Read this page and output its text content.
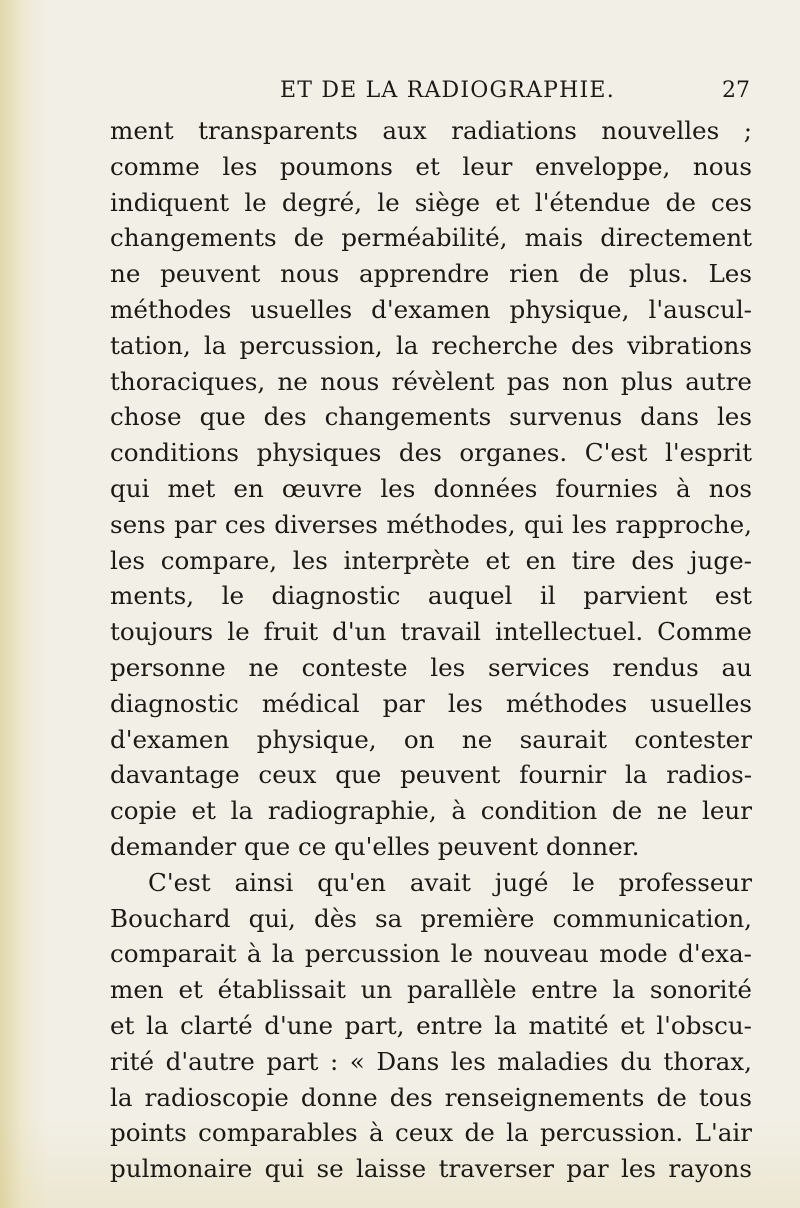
ET DE LA RADIOGRAPHIE.	27
ment transparents aux radiations nouvelles ;
comme les poumons et leur enveloppe, nous
indiquent le degré, le siège et l'étendue de ces
changements de perméabilité, mais directement
ne peuvent nous apprendre rien de plus. Les
méthodes usuelles d'examen physique, l'auscul-
tation, la percussion, la recherche des vibrations
thoraciques, ne nous révèlent pas non plus autre
chose que des changements survenus dans les
conditions physiques des organes. C'est l'esprit
qui met en œuvre les données fournies à nos
sens par ces diverses méthodes, qui les rapproche,
les compare, les interprète et en tire des juge-
ments, le diagnostic auquel il parvient est
toujours le fruit d'un travail intellectuel. Comme
personne ne conteste les services rendus au
diagnostic médical par les méthodes usuelles
d'examen physique, on ne saurait contester
davantage ceux que peuvent fournir la radios-
copie et la radiographie, à condition de ne leur
demander que ce qu'elles peuvent donner.
C'est ainsi qu'en avait jugé le professeur
Bouchard qui, dès sa première communication,
comparait à la percussion le nouveau mode d'exa-
men et établissait un parallèle entre la sonorité
et la clarté d'une part, entre la matité et l'obscu-
rité d'autre part : « Dans les maladies du thorax,
la radioscopie donne des renseignements de tous
points comparables à ceux de la percussion. L'air
pulmonaire qui se laisse traverser par les rayons
